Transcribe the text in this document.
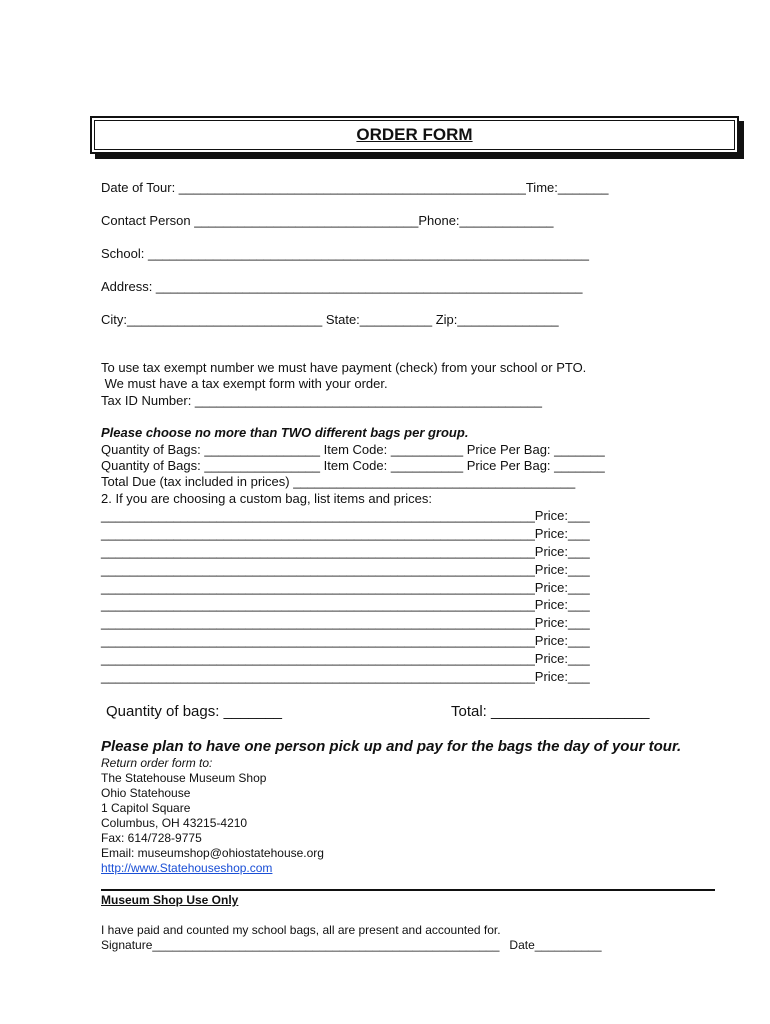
ORDER FORM
Date of Tour: ________________________________________________Time:_______
Contact Person _______________________________Phone:_____________
School: _____________________________________________________________
Address: ___________________________________________________________
City:___________________________ State:__________ Zip:______________
To use tax exempt number we must have payment (check) from your school or PTO.
We must have a tax exempt form with your order.
Tax ID Number: ________________________________________________
Please choose no more than TWO different bags per group.
Quantity of Bags: ________________ Item Code: __________ Price Per Bag: _______
Quantity of Bags: ________________ Item Code: __________ Price Per Bag: _______
Total Due (tax included in prices) _______________________________________
2. If you are choosing a custom bag, list items and prices:
____________________________________________________________Price:___
____________________________________________________________Price:___
____________________________________________________________Price:___
____________________________________________________________Price:___
____________________________________________________________Price:___
____________________________________________________________Price:___
____________________________________________________________Price:___
____________________________________________________________Price:___
____________________________________________________________Price:___
____________________________________________________________Price:___
Quantity of bags: _______	Total: ___________________
Please plan to have one person pick up and pay for the bags the day of your tour.
Return order form to:
The Statehouse Museum Shop
Ohio Statehouse
1 Capitol Square
Columbus, OH 43215-4210
Fax: 614/728-9775
Email: museumshop@ohiostatehouse.org
http://www.Statehouseshop.com
Museum Shop Use Only
I have paid and counted my school bags, all are present and accounted for.
Signature____________________________________________________   Date__________
